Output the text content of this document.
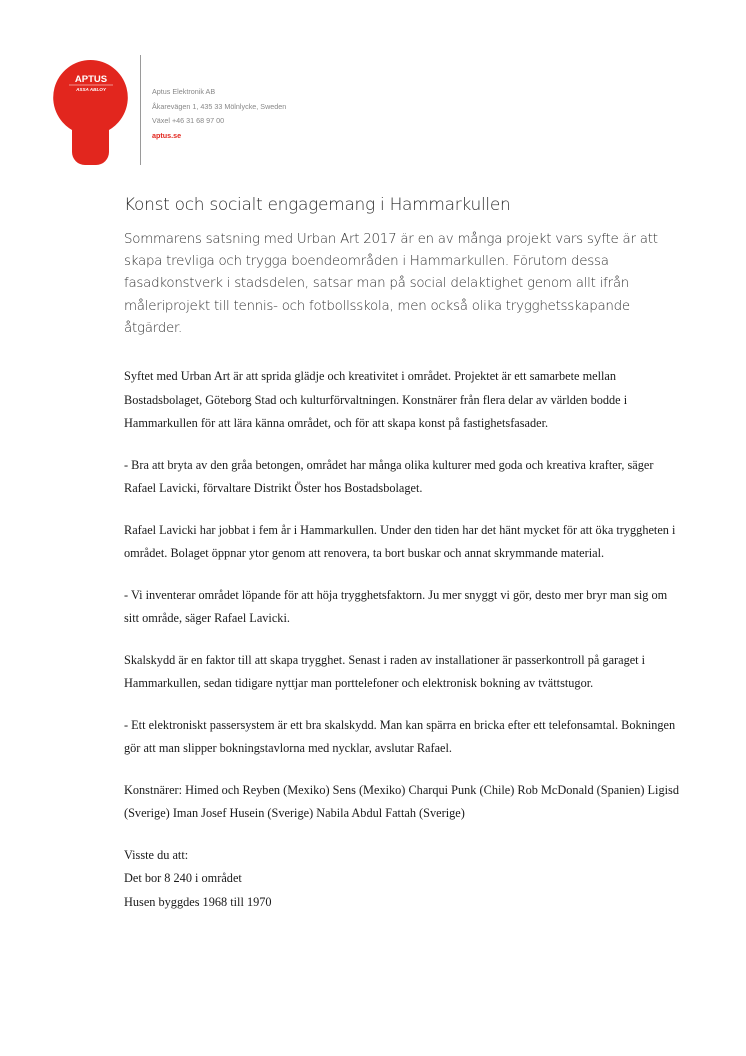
APTUS
ASSA ABLOY	Aptus Elektronik AB
Åkarevägen 1, 435 33 Mölnlycke, Sweden
Växel +46 31 68 97 00
aptus.se
Konst och socialt engagemang i Hammarkullen

Sommarens satsning med Urban Art 2017 är en av många projekt vars syfte är att skapa trevliga och trygga boendeområden i Hammarkullen. Förutom dessa fasadkonstverk i stadsdelen, satsar man på social delaktighet genom allt ifrån måleriprojekt till tennis- och fotbollsskola, men också olika trygghetsskapande åtgärder.

Syftet med Urban Art är att sprida glädje och kreativitet i området. Projektet är ett samarbete mellan Bostadsbolaget, Göteborg Stad och kulturförvaltningen. Konstnärer från flera delar av världen bodde i Hammarkullen för att lära känna området, och för att skapa konst på fastighetsfasader.

- Bra att bryta av den gråa betongen, området har många olika kulturer med goda och kreativa krafter, säger Rafael Lavicki, förvaltare Distrikt Öster hos Bostadsbolaget.

Rafael Lavicki har jobbat i fem år i Hammarkullen. Under den tiden har det hänt mycket för att öka tryggheten i området. Bolaget öppnar ytor genom att renovera, ta bort buskar och annat skrymmande material.

- Vi inventerar området löpande för att höja trygghetsfaktorn. Ju mer snyggt vi gör, desto mer bryr man sig om sitt område, säger Rafael Lavicki.

Skalskydd är en faktor till att skapa trygghet. Senast i raden av installationer är passerkontroll på garaget i Hammarkullen, sedan tidigare nyttjar man porttelefoner och elektronisk bokning av tvättstugor.

- Ett elektroniskt passersystem är ett bra skalskydd. Man kan spärra en bricka efter ett telefonsamtal. Bokningen gör att man slipper bokningstavlorna med nycklar, avslutar Rafael.

Konstnärer: Himed och Reyben (Mexiko) Sens (Mexiko) Charqui Punk (Chile) Rob McDonald (Spanien) Ligisd (Sverige) Iman Josef Husein (Sverige) Nabila Abdul Fattah (Sverige)

Visste du att:
Det bor 8 240 i området
Husen byggdes 1968 till 1970
